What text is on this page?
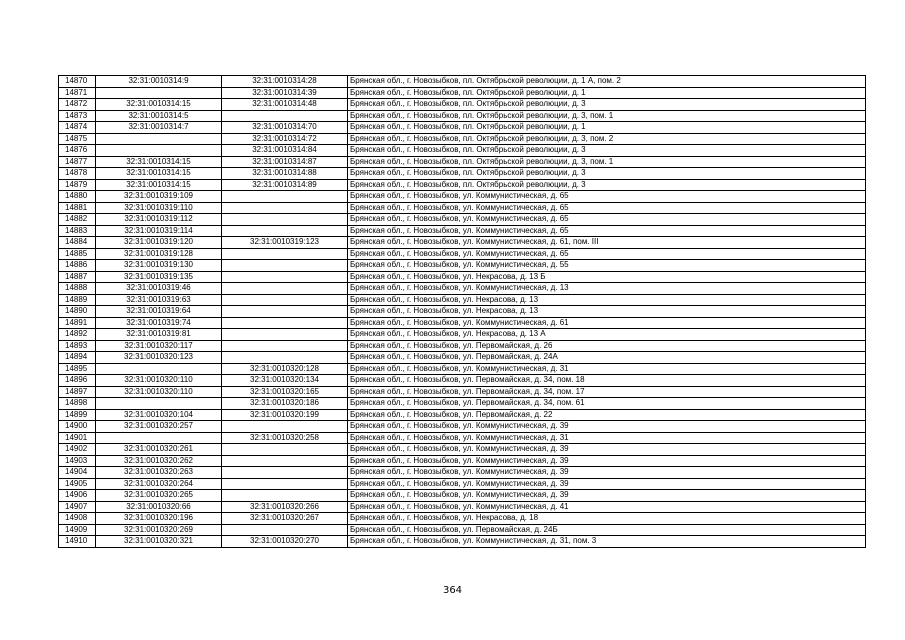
14870	32:31:0010314:9	32:31:0010314:28	Брянская обл., г. Новозыбков, пл. Октябрьской революции, д. 1 А, пом. 2
14871		32:31:0010314:39	Брянская обл., г. Новозыбков, пл. Октябрьской революции, д. 1
14872	32:31:0010314:15	32:31:0010314:48	Брянская обл., г. Новозыбков, пл. Октябрьской революции, д. 3
14873	32:31:0010314:5		Брянская обл., г. Новозыбков, пл. Октябрьской революции, д. 3, пом. 1
14874	32:31:0010314:7	32:31:0010314:70	Брянская обл., г. Новозыбков, пл. Октябрьской революции, д. 1
14875		32:31:0010314:72	Брянская обл., г. Новозыбков, пл. Октябрьской революции, д. 3, пом. 2
14876		32:31:0010314:84	Брянская обл., г. Новозыбков, пл. Октябрьской революции, д. 3
14877	32:31:0010314:15	32:31:0010314:87	Брянская обл., г. Новозыбков, пл. Октябрьской революции, д. 3, пом. 1
14878	32:31:0010314:15	32:31:0010314:88	Брянская обл., г. Новозыбков, пл. Октябрьской революции, д. 3
14879	32:31:0010314:15	32:31:0010314:89	Брянская обл., г. Новозыбков, пл. Октябрьской революции, д. 3
14880	32:31:0010319:109		Брянская обл., г. Новозыбков, ул. Коммунистическая, д. 65
14881	32:31:0010319:110		Брянская обл., г. Новозыбков, ул. Коммунистическая, д. 65
14882	32:31:0010319:112		Брянская обл., г. Новозыбков, ул. Коммунистическая, д. 65
14883	32:31:0010319:114		Брянская обл., г. Новозыбков, ул. Коммунистическая, д. 65
14884	32:31:0010319:120	32:31:0010319:123	Брянская обл., г. Новозыбков, ул. Коммунистическая, д. 61, пом. III
14885	32:31:0010319:128		Брянская обл., г. Новозыбков, ул. Коммунистическая, д. 65
14886	32:31:0010319:130		Брянская обл., г. Новозыбков, ул. Коммунистическая, д. 55
14887	32:31:0010319:135		Брянская обл., г. Новозыбков, ул. Некрасова, д. 13 Б
14888	32:31:0010319:46		Брянская обл., г. Новозыбков, ул. Коммунистическая, д. 13
14889	32:31:0010319:63		Брянская обл., г. Новозыбков, ул. Некрасова, д. 13
14890	32:31:0010319:64		Брянская обл., г. Новозыбков, ул. Некрасова, д. 13
14891	32:31:0010319:74		Брянская обл., г. Новозыбков, ул. Коммунистическая, д. 61
14892	32:31:0010319:81		Брянская обл., г. Новозыбков, ул. Некрасова, д. 13 А
14893	32:31:0010320:117		Брянская обл., г. Новозыбков, ул. Первомайская, д. 26
14894	32:31:0010320:123		Брянская обл., г. Новозыбков, ул. Первомайская, д. 24А
14895		32:31:0010320:128	Брянская обл., г. Новозыбков, ул. Коммунистическая, д. 31
14896	32:31:0010320:110	32:31:0010320:134	Брянская обл., г. Новозыбков, ул. Первомайская, д. 34, пом. 18
14897	32:31:0010320:110	32:31:0010320:165	Брянская обл., г. Новозыбков, ул. Первомайская, д. 34, пом. 17
14898		32:31:0010320:186	Брянская обл., г. Новозыбков, ул. Первомайская, д. 34, пом. 61
14899	32:31:0010320:104	32:31:0010320:199	Брянская обл., г. Новозыбков, ул. Первомайская, д. 22
14900	32:31:0010320:257		Брянская обл., г. Новозыбков, ул. Коммунистическая, д. 39
14901		32:31:0010320:258	Брянская обл., г. Новозыбков, ул. Коммунистическая, д. 31
14902	32:31:0010320:261		Брянская обл., г. Новозыбков, ул. Коммунистическая, д. 39
14903	32:31:0010320:262		Брянская обл., г. Новозыбков, ул. Коммунистическая, д. 39
14904	32:31:0010320:263		Брянская обл., г. Новозыбков, ул. Коммунистическая, д. 39
14905	32:31:0010320:264		Брянская обл., г. Новозыбков, ул. Коммунистическая, д. 39
14906	32:31:0010320:265		Брянская обл., г. Новозыбков, ул. Коммунистическая, д. 39
14907	32:31:0010320:66	32:31:0010320:266	Брянская обл., г. Новозыбков, ул. Коммунистическая, д. 41
14908	32:31:0010320:196	32:31:0010320:267	Брянская обл., г. Новозыбков, ул. Некрасова, д. 18
14909	32:31:0010320:269		Брянская обл., г. Новозыбков, ул. Первомайская, д. 24Б
14910	32:31:0010320:321	32:31:0010320:270	Брянская обл., г. Новозыбков, ул. Коммунистическая, д. 31, пом. 3
364
